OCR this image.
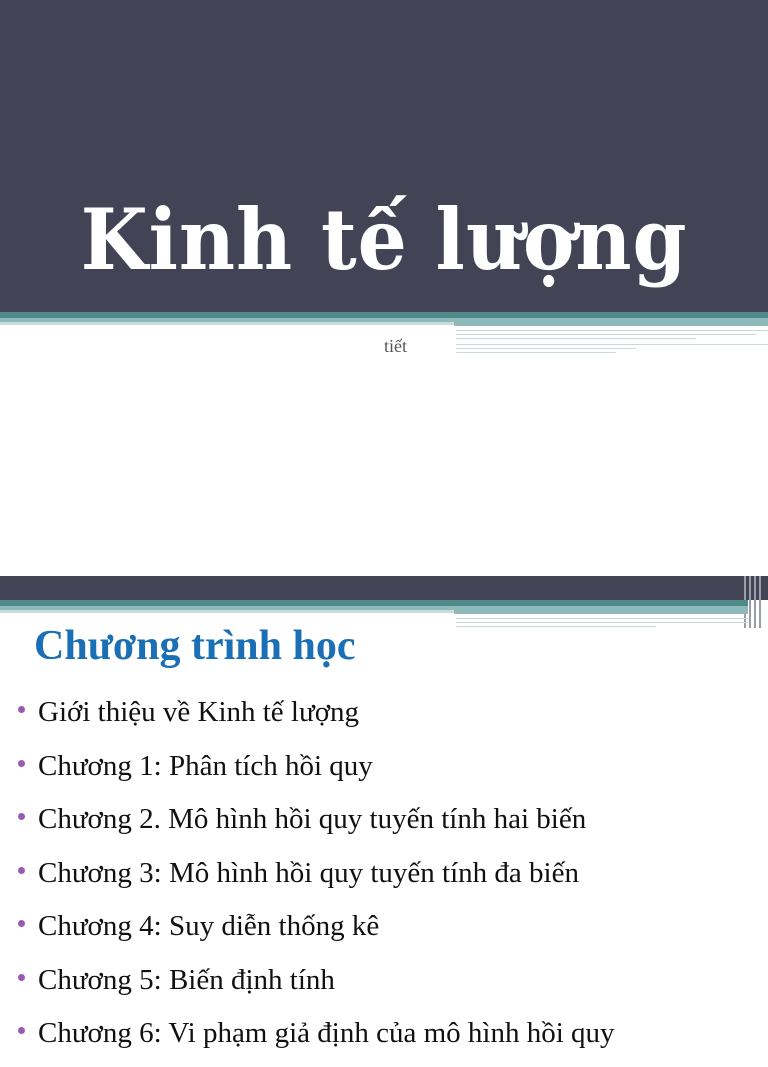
Kinh tế lượng

tiết

Chương trình học
Giới thiệu về Kinh tế lượng
Chương 1: Phân tích hồi quy
Chương 2. Mô hình hồi quy tuyến tính hai biến
Chương 3: Mô hình hồi quy tuyến tính đa biến
Chương 4: Suy diễn thống kê
Chương 5: Biến định tính
Chương 6: Vi phạm giả định của mô hình hồi quy
